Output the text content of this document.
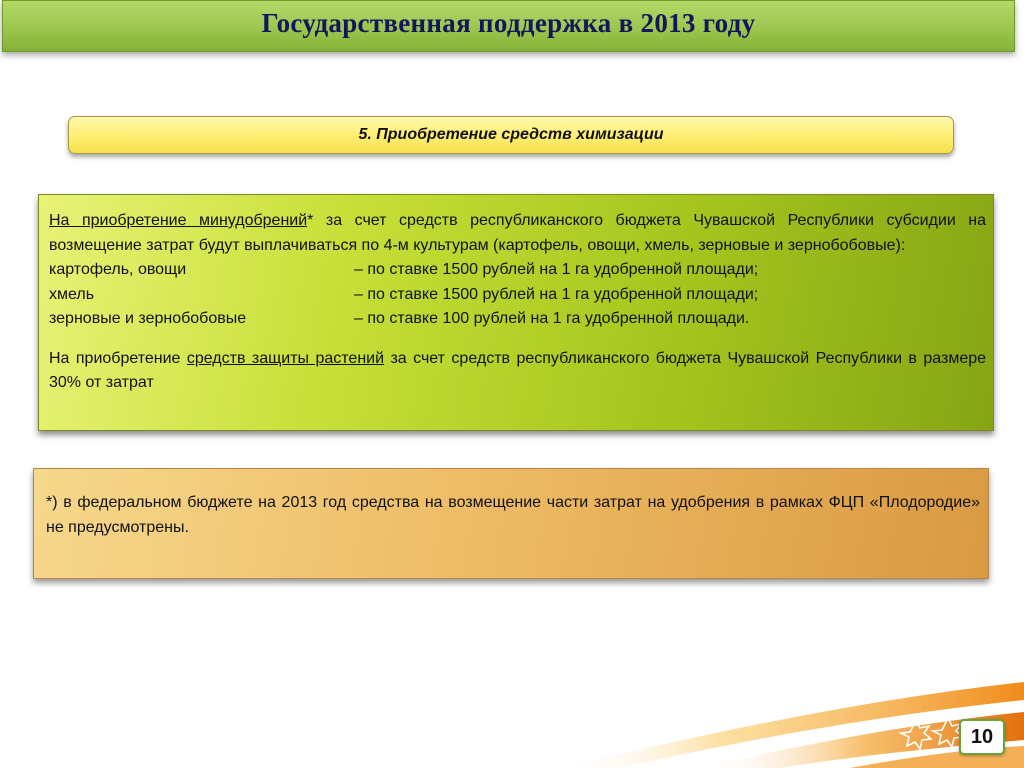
Государственная поддержка в 2013 году
5. Приобретение средств химизации

На приобретение минудобрений* за счет средств республиканского бюджета Чувашской Республики субсидии на возмещение затрат будут выплачиваться по 4-м культурам (картофель, овощи, хмель, зерновые и зернобобовые):

картофель, овощи	– по ставке 1500 рублей на 1 га удобренной площади;
хмель	– по ставке 1500 рублей на 1 га удобренной площади;
зерновые и зернобобовые	– по ставке 100 рублей на 1 га удобренной площади.

На приобретение средств защиты растений за счет средств республиканского бюджета Чувашской Республики в размере 30% от затрат

*) в федеральном бюджете на 2013 год средства на возмещение части затрат на удобрения в рамках ФЦП «Плодородие» не предусмотрены.

10
